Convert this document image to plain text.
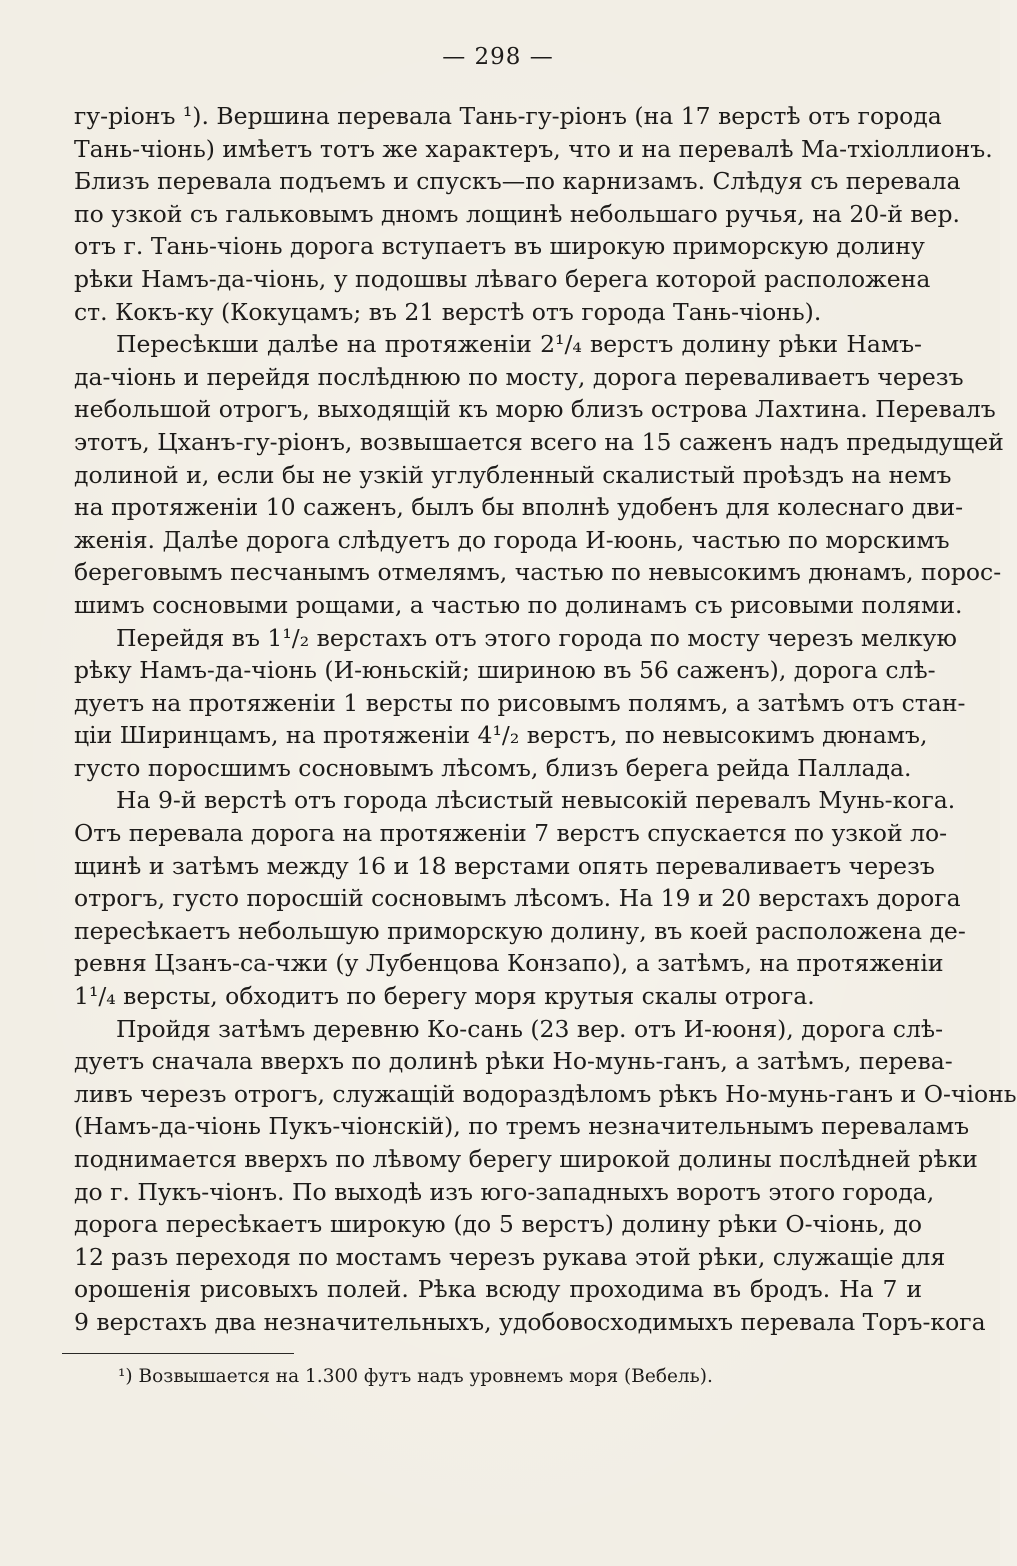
— 298 —
гу-ріонъ ¹). Вершина перевала Тань-гу-ріонъ (на 17 верстѣ отъ города
Тань-чіонь) имѣетъ тотъ же характеръ, что и на перевалѣ Ма-тхіоллионъ.
Близъ перевала подъемъ и спускъ—по карнизамъ. Слѣдуя съ перевала
по узкой съ гальковымъ дномъ лощинѣ небольшаго ручья, на 20-й вер.
отъ г. Тань-чіонь дорога вступаетъ въ широкую приморскую долину
рѣки Намъ-да-чіонь, у подошвы лѣваго берега которой расположена
ст. Кокъ-ку (Кокуцамъ; въ 21 верстѣ отъ города Тань-чіонь).
Пересѣкши далѣе на протяженіи 2¹/₄ верстъ долину рѣки Намъ-
да-чіонь и перейдя послѣднюю по мосту, дорога переваливаетъ черезъ
небольшой отрогъ, выходящій къ морю близъ острова Лахтина. Перевалъ
этотъ, Цханъ-гу-ріонъ, возвышается всего на 15 саженъ надъ предыдущей
долиной и, если бы не узкій углубленный скалистый проѣздъ на немъ
на протяженіи 10 саженъ, былъ бы вполнѣ удобенъ для колеснаго дви-
женія. Далѣе дорога слѣдуетъ до города И-юонь, частью по морскимъ
береговымъ песчанымъ отмелямъ, частью по невысокимъ дюнамъ, порос-
шимъ сосновыми рощами, а частью по долинамъ съ рисовыми полями.
Перейдя въ 1¹/₂ верстахъ отъ этого города по мосту черезъ мелкую
рѣку Намъ-да-чіонь (И-юньскій; шириною въ 56 саженъ), дорога слѣ-
дуетъ на протяженіи 1 версты по рисовымъ полямъ, а затѣмъ отъ стан-
ціи Ширинцамъ, на протяженіи 4¹/₂ верстъ, по невысокимъ дюнамъ,
густо поросшимъ сосновымъ лѣсомъ, близъ берега рейда Паллада.
На 9-й верстѣ отъ города лѣсистый невысокій перевалъ Мунь-кога.
Отъ перевала дорога на протяженіи 7 верстъ спускается по узкой ло-
щинѣ и затѣмъ между 16 и 18 верстами опять переваливаетъ черезъ
отрогъ, густо поросшій сосновымъ лѣсомъ. На 19 и 20 верстахъ дорога
пересѣкаетъ небольшую приморскую долину, въ коей расположена де-
ревня Цзанъ-са-чжи (у Лубенцова Конзапо), а затѣмъ, на протяженіи
1¹/₄ версты, обходитъ по берегу моря крутыя скалы отрога.
Пройдя затѣмъ деревню Ко-сань (23 вер. отъ И-юоня), дорога слѣ-
дуетъ сначала вверхъ по долинѣ рѣки Но-мунь-ганъ, а затѣмъ, перева-
ливъ черезъ отрогъ, служащій водораздѣломъ рѣкъ Но-мунь-ганъ и О-чіонь
(Намъ-да-чіонь Пукъ-чіонскій), по тремъ незначительнымъ переваламъ
поднимается вверхъ по лѣвому берегу широкой долины послѣдней рѣки
до г. Пукъ-чіонъ. По выходѣ изъ юго-западныхъ воротъ этого города,
дорога пересѣкаетъ широкую (до 5 верстъ) долину рѣки О-чіонь, до
12 разъ переходя по мостамъ черезъ рукава этой рѣки, служащіе для
орошенія рисовыхъ полей. Рѣка всюду проходима въ бродъ. На 7 и
9 верстахъ два незначительныхъ, удобовосходимыхъ перевала Торъ-кога
¹) Возвышается на 1.300 футъ надъ уровнемъ моря (Вебель).
